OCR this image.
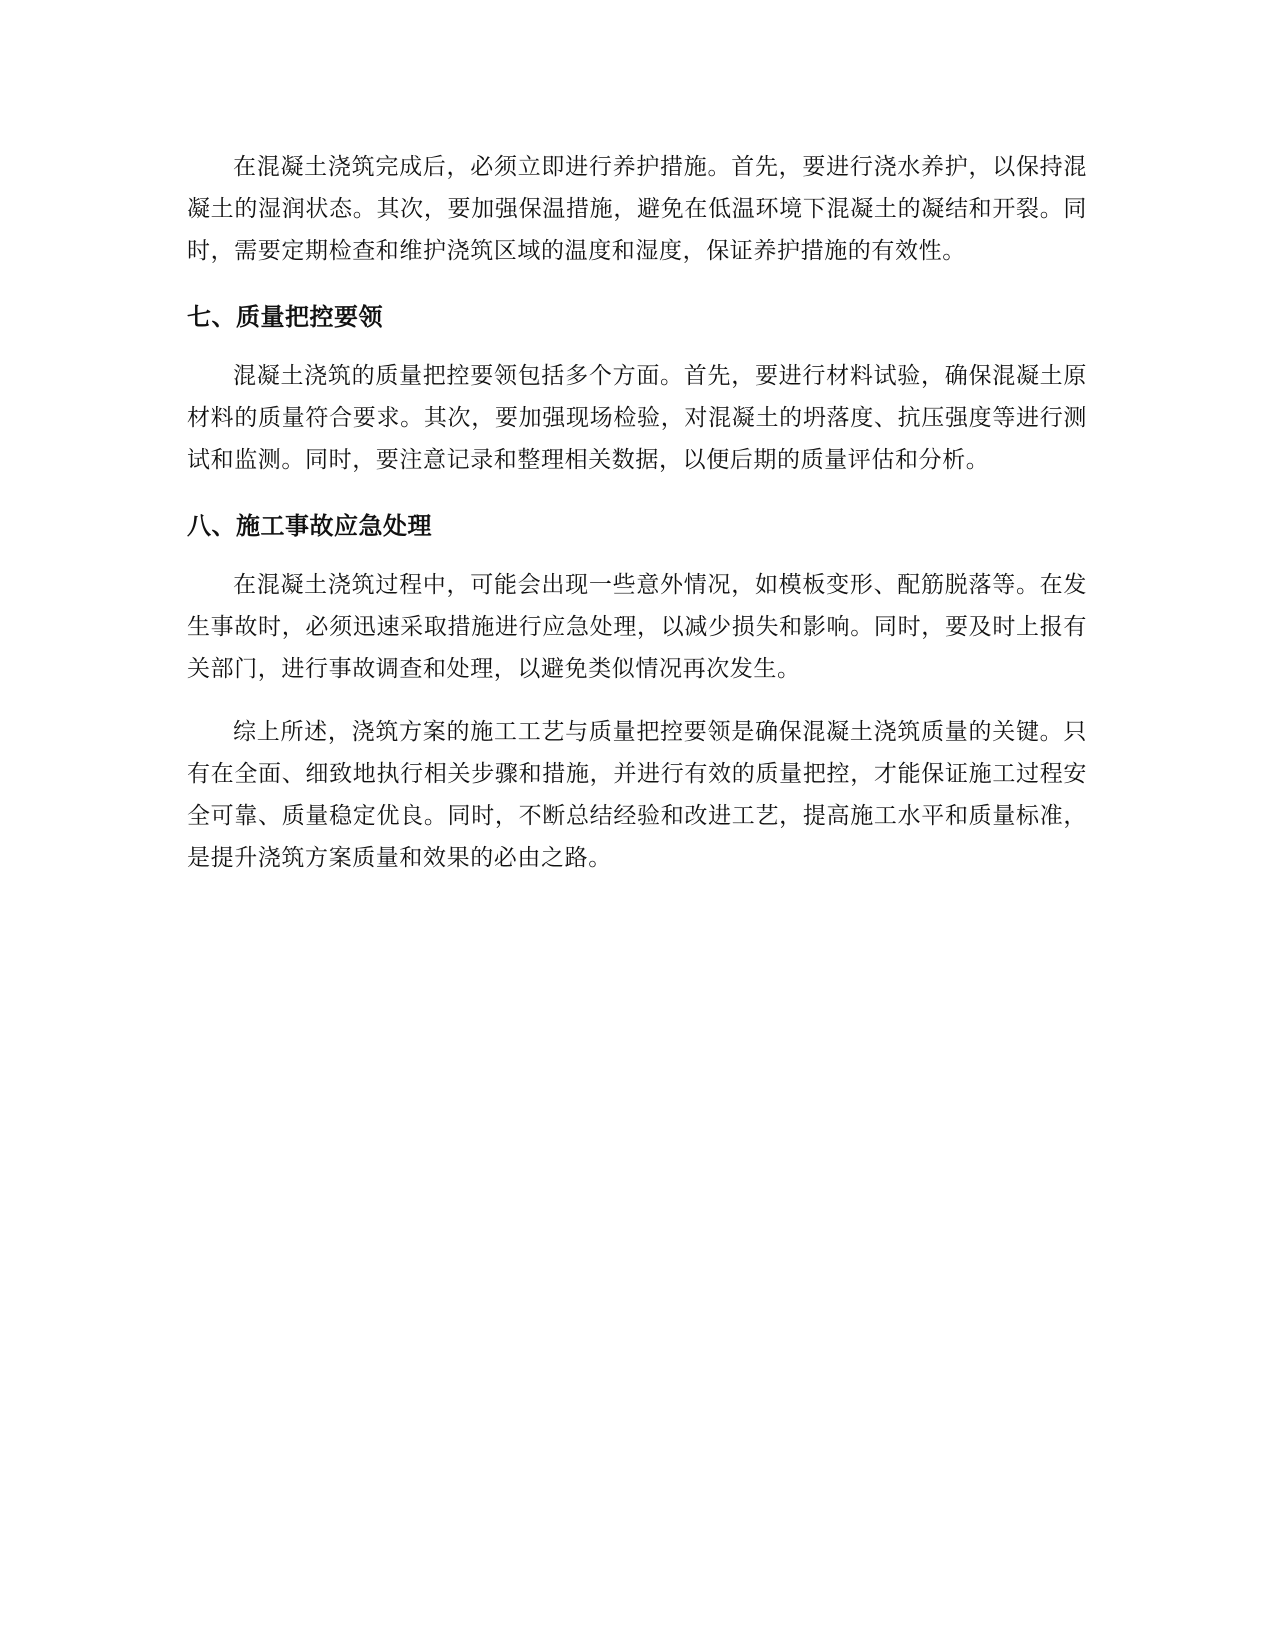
在混凝土浇筑完成后，必须立即进行养护措施。首先，要进行浇水养护，以保持混凝土的湿润状态。其次，要加强保温措施，避免在低温环境下混凝土的凝结和开裂。同时，需要定期检查和维护浇筑区域的温度和湿度，保证养护措施的有效性。

七、质量把控要领

混凝土浇筑的质量把控要领包括多个方面。首先，要进行材料试验，确保混凝土原材料的质量符合要求。其次，要加强现场检验，对混凝土的坍落度、抗压强度等进行测试和监测。同时，要注意记录和整理相关数据，以便后期的质量评估和分析。

八、施工事故应急处理

在混凝土浇筑过程中，可能会出现一些意外情况，如模板变形、配筋脱落等。在发生事故时，必须迅速采取措施进行应急处理，以减少损失和影响。同时，要及时上报有关部门，进行事故调查和处理，以避免类似情况再次发生。

综上所述，浇筑方案的施工工艺与质量把控要领是确保混凝土浇筑质量的关键。只有在全面、细致地执行相关步骤和措施，并进行有效的质量把控，才能保证施工过程安全可靠、质量稳定优良。同时，不断总结经验和改进工艺，提高施工水平和质量标准，是提升浇筑方案质量和效果的必由之路。
